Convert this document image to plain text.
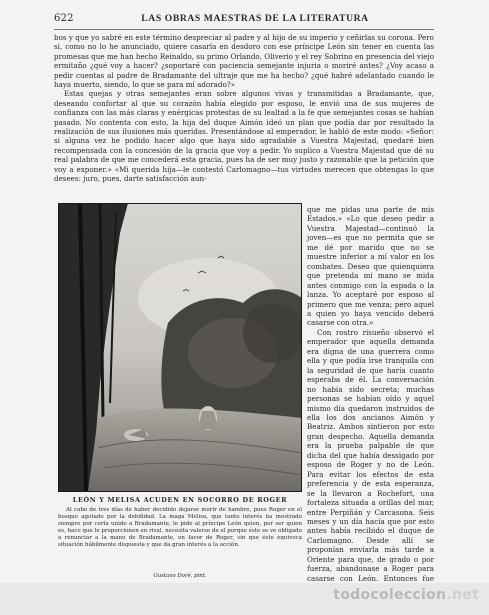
622	LAS OBRAS MAESTRAS DE LA LITERATURA

bos y que yo sabré en este término despreciar al padre y al hijo de su imperio y ceñirlas su corona. Pero si, como no lo he anunciado, quiere casarla en desdoro con ese príncipe León sin tener en cuenta las promesas que me han hecho Reinaldo, su primo Orlando, Oliverio y el rey Sobrino en presencia del viejo ermitaño ¿qué voy a hacer? ¿soportaré con paciencia semejante injuria o moriré antes? ¿Voy acaso a pedir cuentas al padre de Bradamante del ultraje que me ha hecho? ¿qué habré adelantado cuando le haya muerto, siendo, lo que se para mí adorado?»

Estas quejas y otras semejantes eran sobre algunos vivas y transmitidas a Bradamante, que, deseando confortar al que su corazón había elegido por esposo, le envió una de sus mujeres de confianza con las más claras y enérgicas protestas de su lealtad a la fe que semejantes cosas se habían pasado. No contenta con esto, la hija del duque Aimón ideó un plan que podía dar por resultado la realización de sus ilusiones más queridas. Presentándose al emperador, le habló de este modo: «Señor: si alguna vez he podido hacer algo que haya sido agradable a Vuestra Majestad, quedaré bien recompensada con la concesión de la gracia que voy a pedir. Yo suplico a Vuestra Majestad que dé su real palabra de que me concederá esta gracia, pues ha de ser muy justo y razonable que la petición que voy a exponer.» «Mi querida hija—le contestó Carlomagno—tus virtudes merecen que obtengas lo que desees: juro, pues, darte satisfacción aun-

LEÓN Y MELISA ACUDEN EN SOCORRO DE ROGER

Al cabo de tres días de haber decidido dejarse morir de hambre, pues Roger en el bosque agotado por la debilidad. La maga Melisa, que tanto interés ha mostrado siempre por cerla unido a Bradamante, le pide al príncipe León quien, por ser quien es, hace que le proporcionen en rival, necesita valerse de el porque éste se ve obligado a renunciar a la mano de Bradamante, en favor de Roger, sin que éste equivoca situación hábilmente dispuesta y que da gran interés a la acción.

Gustavo Doré, pint.

que me pidas una parte de mis Estados.» «Lo que deseo pedir a Vuestra Majestad—continuó la joven—es que no permita que se me dé por marido que no se muestre inferior a mí valor en los combates. Deseo que quienquiera que pretenda mi mano se mida antes conmigo con la espada o la lanza. Yo aceptaré por esposo al primero que me venza; pero aquel a quien yo haya vencido deberá casarse con otra.»

Con rostro risueño observó el emperador que aquella demanda era digna de una guerrera como ella y que podía irse tranquila con la seguridad de que haría cuanto esperaba de él. La conversación no había sido secreta; muchas personas se habían oído y aquel mismo día quedaron instruidos de ella los dos ancianos Aimón y Beatriz. Ambos sintieron por esto gran despecho. Aquella demanda era la prueba palpable de que dicha del que había dessigado por esposo de Roger y no de León. Para evitar los efectos de esta preferencia y de esta esperanza, se la llevaron a Rochefort, una fortaleza situada a orillas del mar, entre Perpiñán y Carcasona. Seis meses y un día hacía que por esto antes había recibido el duque de Carlomagno. Desde allí se proponían enviarla más tarde a Oriente para que, de grado o por fuerza, abandonase a Roger para casarse con León. Entonces fue

todocoleccion.net
